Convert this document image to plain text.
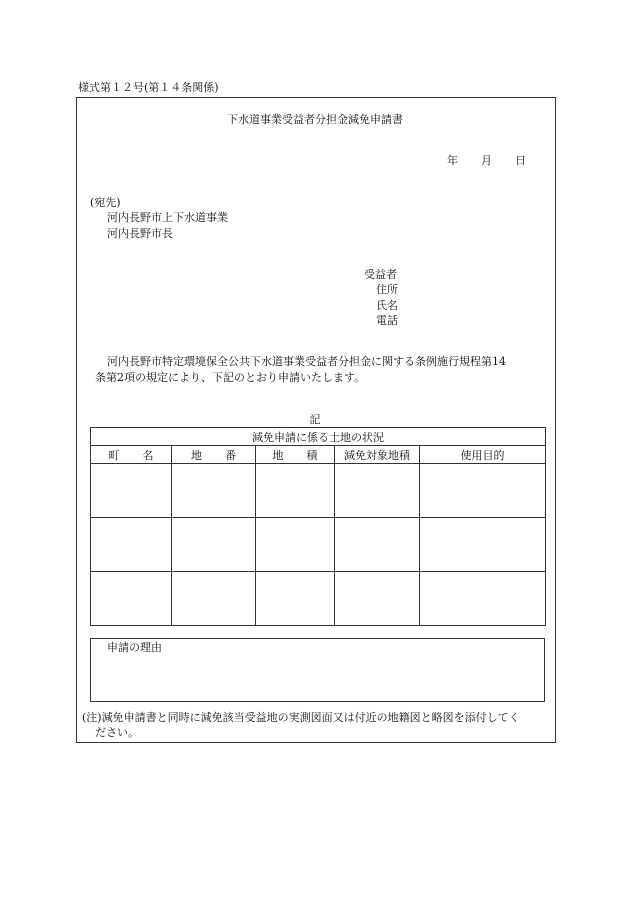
様式第１２号(第１４条関係)
下水道事業受益者分担金減免申請書
年 月 日
(宛先)
河内長野市上下水道事業
河内長野市長
受益者
住所
氏名
電話
河内長野市特定環境保全公共下水道事業受益者分担金に関する条例施行規程第14
条第2項の規定により、下記のとおり申請いたします。
記
減免申請に係る土地の状況				
町名	地番	地積	減免対象地積	使用目的

申請の理由
(注)減免申請書と同時に減免該当受益地の実測図面又は付近の地籍図と略図を添付してく
ださい。
